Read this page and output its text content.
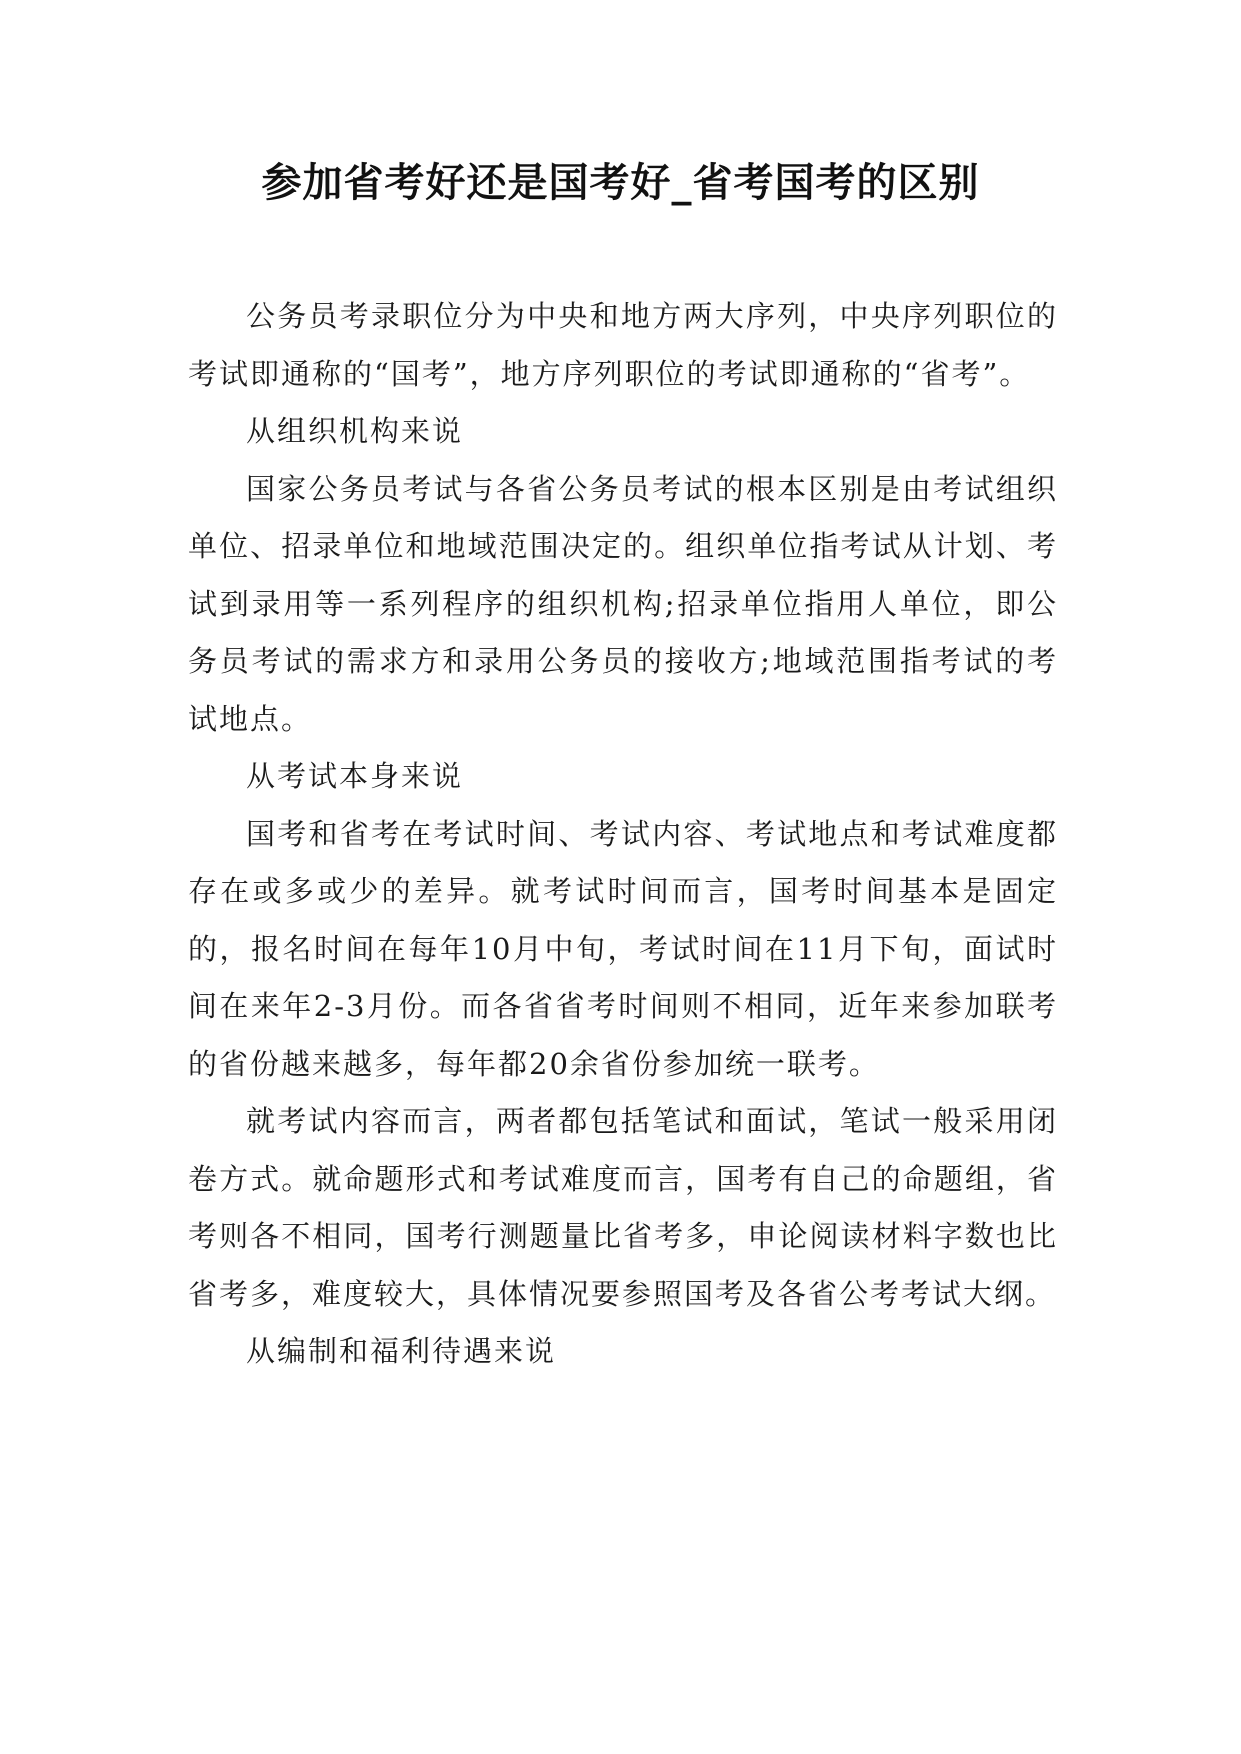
参加省考好还是国考好_省考国考的区别

公务员考录职位分为中央和地方两大序列，中央序列职位的考试即通称的“国考”，地方序列职位的考试即通称的“省考”。

从组织机构来说

国家公务员考试与各省公务员考试的根本区别是由考试组织单位、招录单位和地域范围决定的。组织单位指考试从计划、考试到录用等一系列程序的组织机构;招录单位指用人单位，即公务员考试的需求方和录用公务员的接收方;地域范围指考试的考试地点。

从考试本身来说

国考和省考在考试时间、考试内容、考试地点和考试难度都存在或多或少的差异。就考试时间而言，国考时间基本是固定的，报名时间在每年10月中旬，考试时间在11月下旬，面试时间在来年2-3月份。而各省省考时间则不相同，近年来参加联考的省份越来越多，每年都20余省份参加统一联考。

就考试内容而言，两者都包括笔试和面试，笔试一般采用闭卷方式。就命题形式和考试难度而言，国考有自己的命题组，省考则各不相同，国考行测题量比省考多，申论阅读材料字数也比省考多，难度较大，具体情况要参照国考及各省公考考试大纲。

从编制和福利待遇来说
